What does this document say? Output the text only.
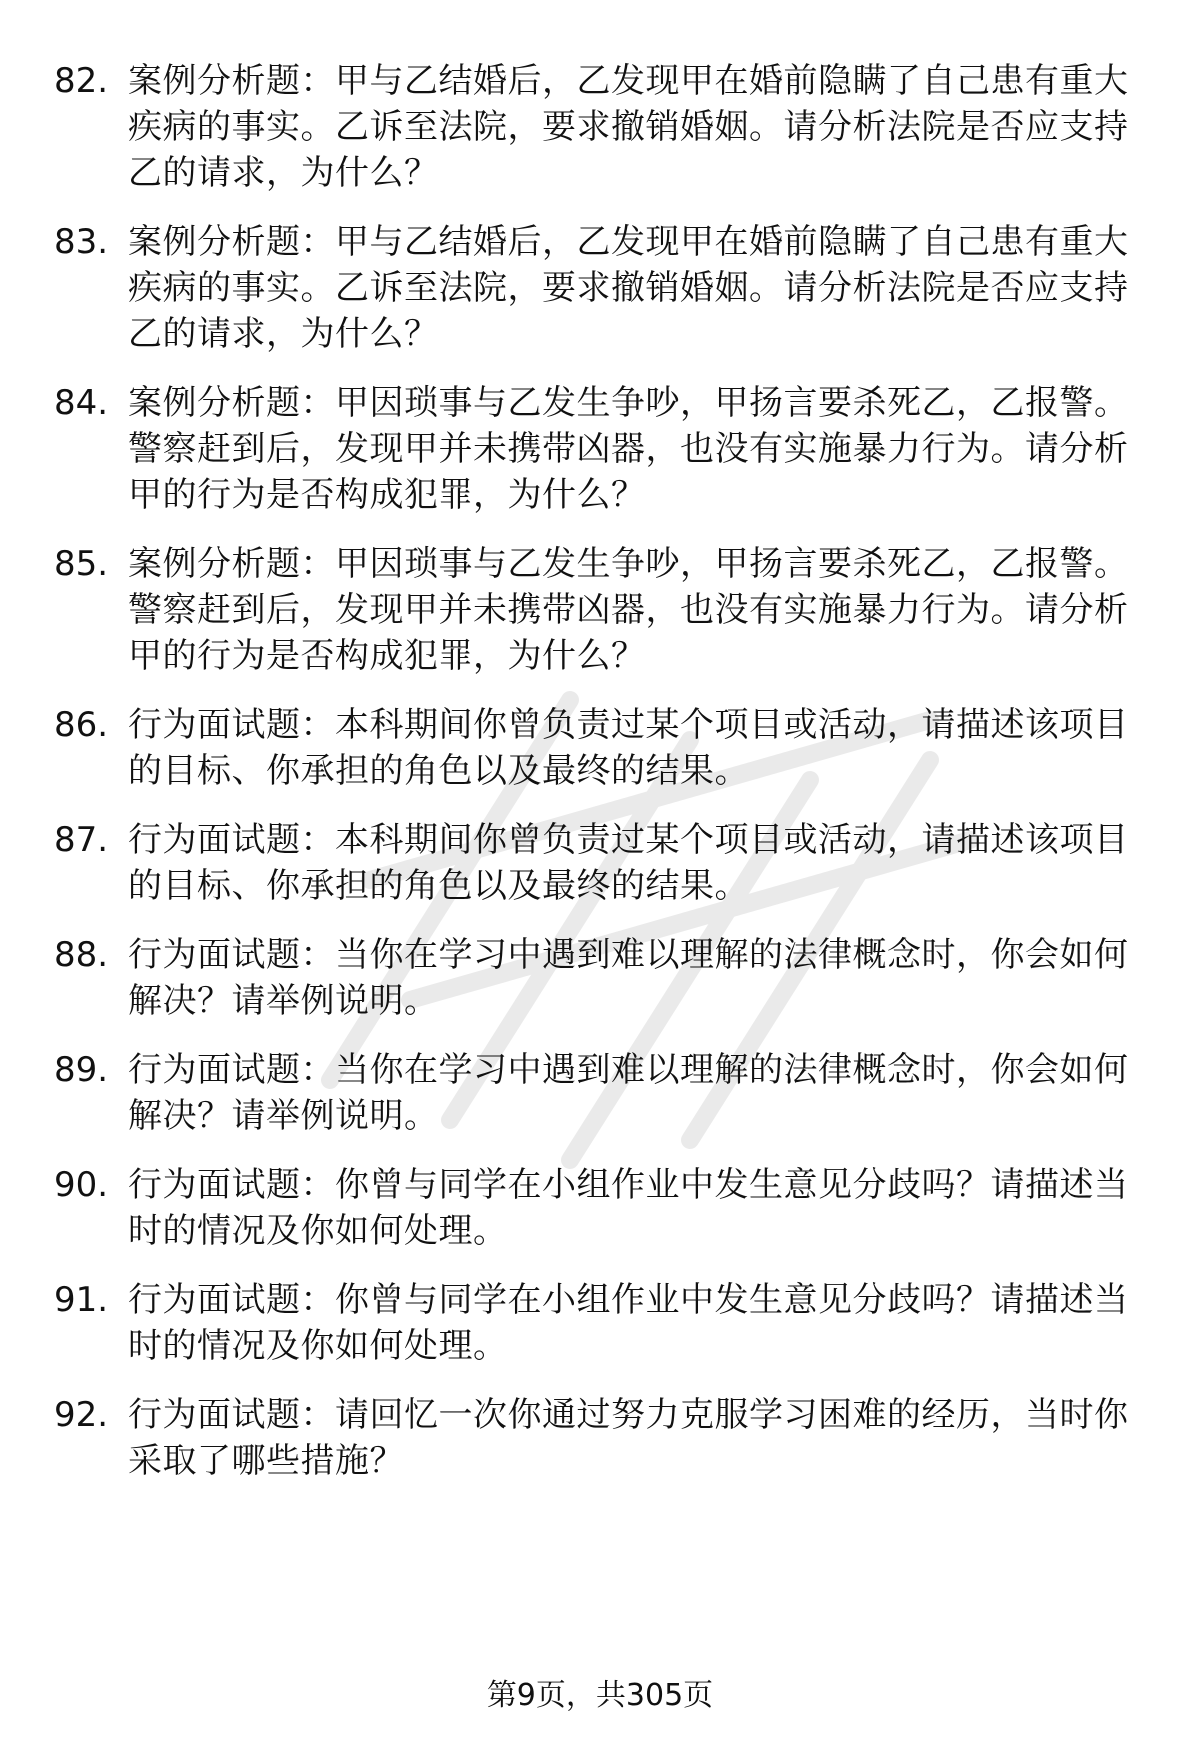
82. 案例分析题：甲与乙结婚后，乙发现甲在婚前隐瞒了自己患有重大疾病的事实。乙诉至法院，要求撤销婚姻。请分析法院是否应支持乙的请求，为什么？
83. 案例分析题：甲与乙结婚后，乙发现甲在婚前隐瞒了自己患有重大疾病的事实。乙诉至法院，要求撤销婚姻。请分析法院是否应支持乙的请求，为什么？
84. 案例分析题：甲因琐事与乙发生争吵，甲扬言要杀死乙，乙报警。警察赶到后，发现甲并未携带凶器，也没有实施暴力行为。请分析甲的行为是否构成犯罪，为什么？
85. 案例分析题：甲因琐事与乙发生争吵，甲扬言要杀死乙，乙报警。警察赶到后，发现甲并未携带凶器，也没有实施暴力行为。请分析甲的行为是否构成犯罪，为什么？
86. 行为面试题：本科期间你曾负责过某个项目或活动，请描述该项目的目标、你承担的角色以及最终的结果。
87. 行为面试题：本科期间你曾负责过某个项目或活动，请描述该项目的目标、你承担的角色以及最终的结果。
88. 行为面试题：当你在学习中遇到难以理解的法律概念时，你会如何解决？请举例说明。
89. 行为面试题：当你在学习中遇到难以理解的法律概念时，你会如何解决？请举例说明。
90. 行为面试题：你曾与同学在小组作业中发生意见分歧吗？请描述当时的情况及你如何处理。
91. 行为面试题：你曾与同学在小组作业中发生意见分歧吗？请描述当时的情况及你如何处理。
92. 行为面试题：请回忆一次你通过努力克服学习困难的经历，当时你采取了哪些措施？
第9页，共305页
